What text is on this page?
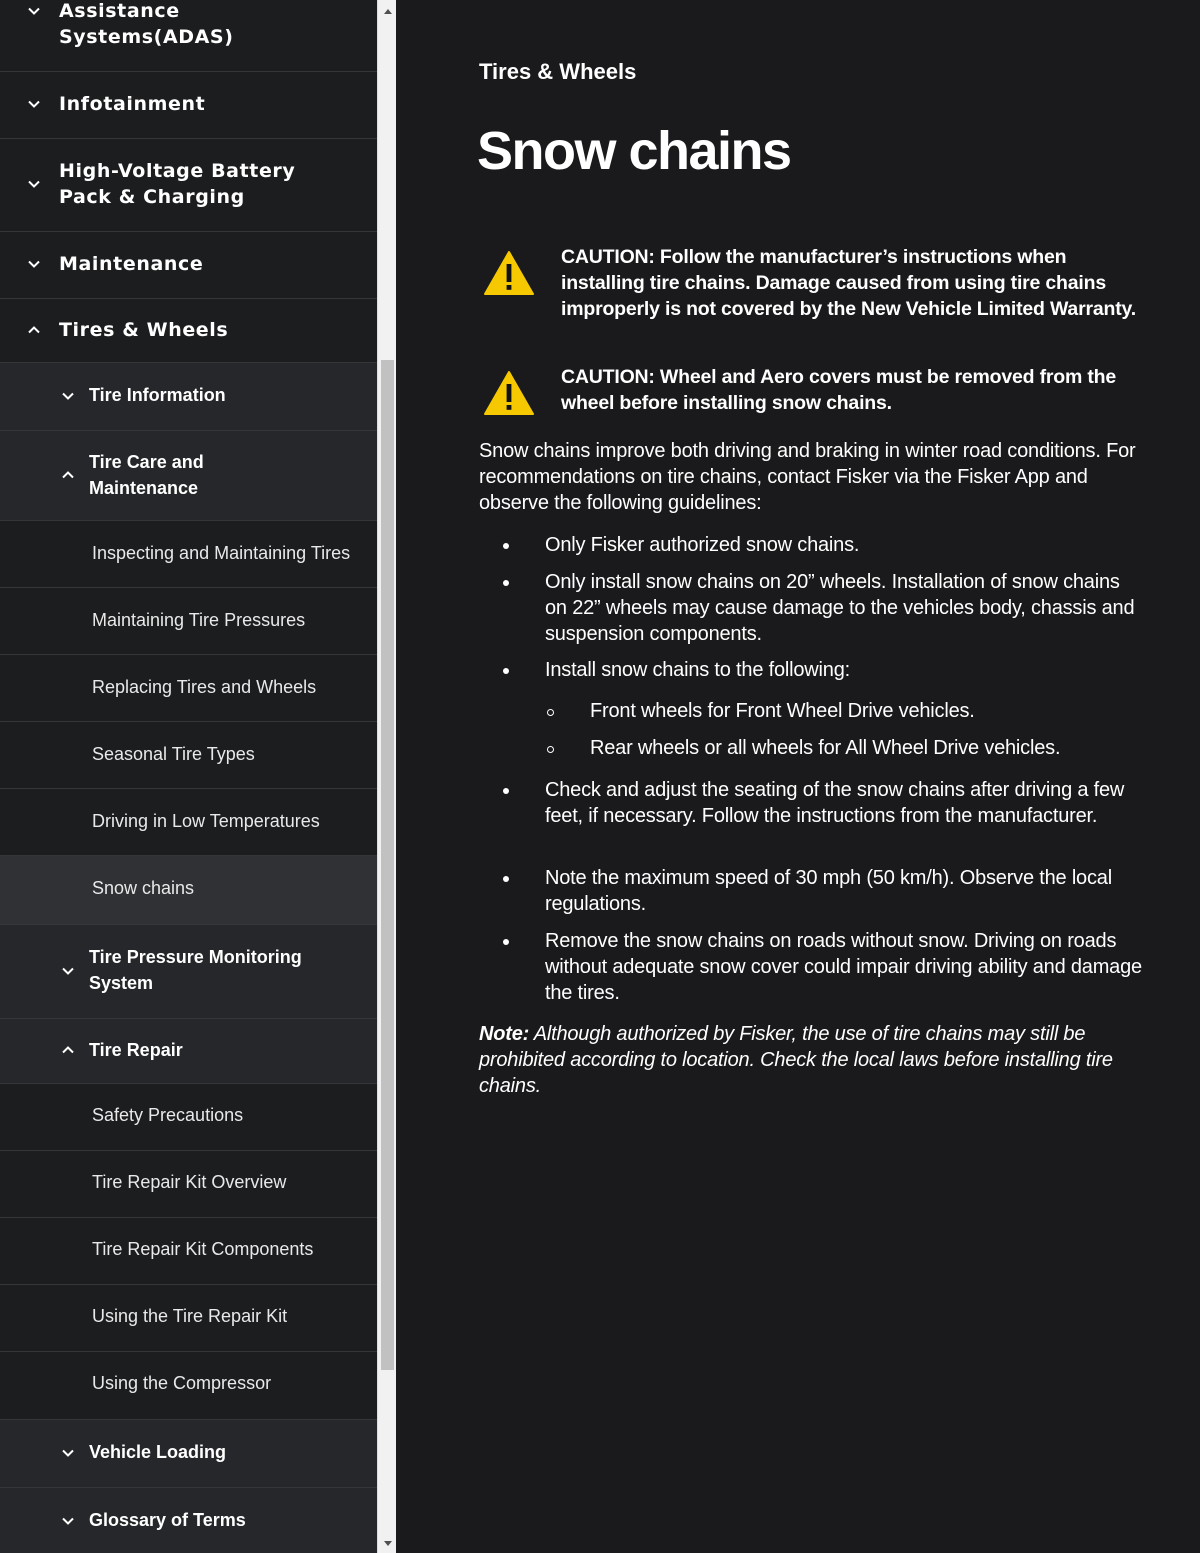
Assistance
Systems(ADAS)
Infotainment
High-Voltage Battery
Pack & Charging
Maintenance
Tires & Wheels
Tire Information
Tire Care and
Maintenance
Inspecting and Maintaining Tires
Maintaining Tire Pressures
Replacing Tires and Wheels
Seasonal Tire Types
Driving in Low Temperatures
Snow chains
Tire Pressure Monitoring
System
Tire Repair
Safety Precautions
Tire Repair Kit Overview
Tire Repair Kit Components
Using the Tire Repair Kit
Using the Compressor
Vehicle Loading
Glossary of Terms
Tires & Wheels
Snow chains
CAUTION: Follow the manufacturer’s instructions when installing tire chains. Damage caused from using tire chains improperly is not covered by the New Vehicle Limited Warranty.
CAUTION: Wheel and Aero covers must be removed from the wheel before installing snow chains.

Snow chains improve both driving and braking in winter road conditions. For recommendations on tire chains, contact Fisker via the Fisker App and observe the following guidelines:

Only Fisker authorized snow chains.
Only install snow chains on 20” wheels. Installation of snow chains on 22” wheels may cause damage to the vehicles body, chassis and suspension components.
Install snow chains to the following:
Front wheels for Front Wheel Drive vehicles.
Rear wheels or all wheels for All Wheel Drive vehicles.
Check and adjust the seating of the snow chains after driving a few feet, if necessary. Follow the instructions from the manufacturer.
Note the maximum speed of 30 mph (50 km/h). Observe the local regulations.
Remove the snow chains on roads without snow. Driving on roads without adequate snow cover could impair driving ability and damage the tires.

Note: Although authorized by Fisker, the use of tire chains may still be prohibited according to location. Check the local laws before installing tire chains.
